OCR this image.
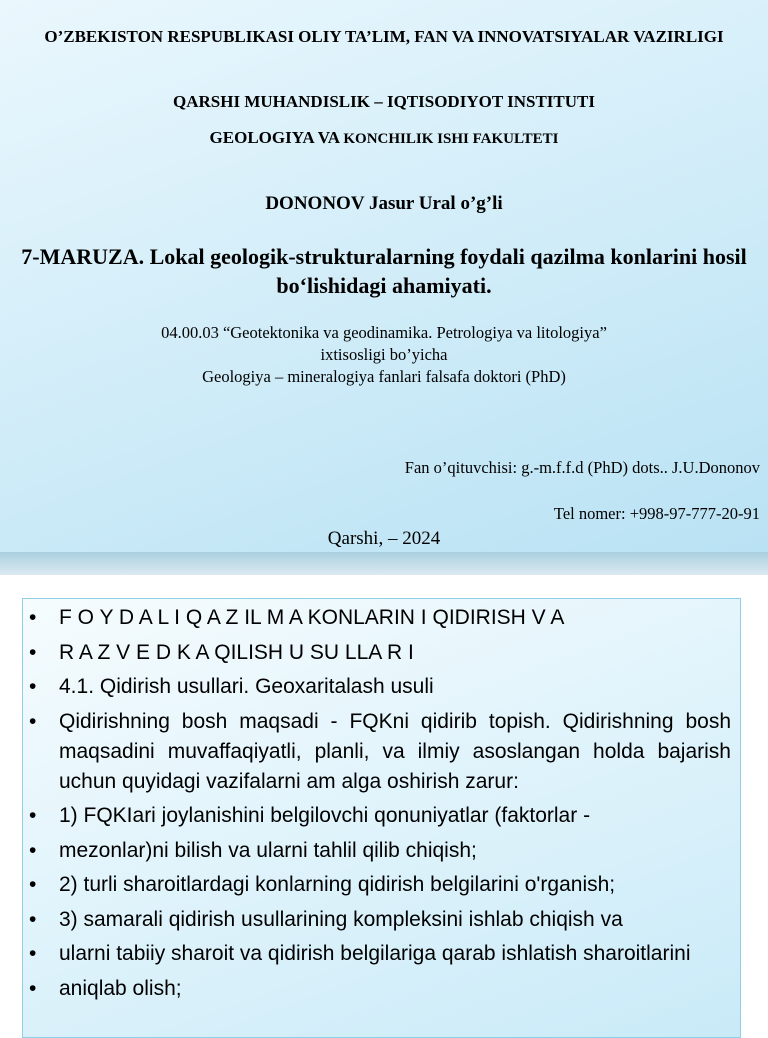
O’ZBEKISTON RESPUBLIKASI OLIY TA’LIM, FAN VA INNOVATSIYALAR VAZIRLIGI
QARSHI MUHANDISLIK – IQTISODIYOT INSTITUTI
GEOLOGIYA VA KONCHILIK ISHI FAKULTETI
DONONOV Jasur Ural o’g’li
7-MARUZA. Lokal geologik-strukturalarning foydali qazilma konlarini hosil bo‘lishidagi ahamiyati.
04.00.03 “Geotektonika va geodinamika. Petrologiya va litologiya”
ixtisosligi bo’yicha
Geologiya – mineralogiya fanlari falsafa doktori (PhD)
Fan o’qituvchisi: g.-m.f.f.d (PhD) dots.. J.U.Dononov
Tel nomer: +998-97-777-20-91
Qarshi, – 2024
• F O Y D A L I Q A Z IL M A KONLARIN I QIDIRISH V A
• R A Z V E D K A QILISH U SU LLA R I
• 4.1. Qidirish usullari. Geoxaritalash usuli
• Qidirishning bosh maqsadi - FQKni qidirib topish. Qidirishning bosh maqsadini muvaffaqiyatli, planli, va ilmiy asoslangan holda bajarish uchun quyidagi vazifalarni am alga oshirish zarur:
• 1) FQKIari joylanishini belgilovchi qonuniyatlar (faktorlar -
• mezonlar)ni bilish va ularni tahlil qilib chiqish;
• 2) turli sharoitlardagi konlarning qidirish belgilarini o'rganish;
• 3) samarali qidirish usullarining kompleksini ishlab chiqish va
• ularni tabiiy sharoit va qidirish belgilariga qarab ishlatish sharoitlarini
• aniqlab olish;
